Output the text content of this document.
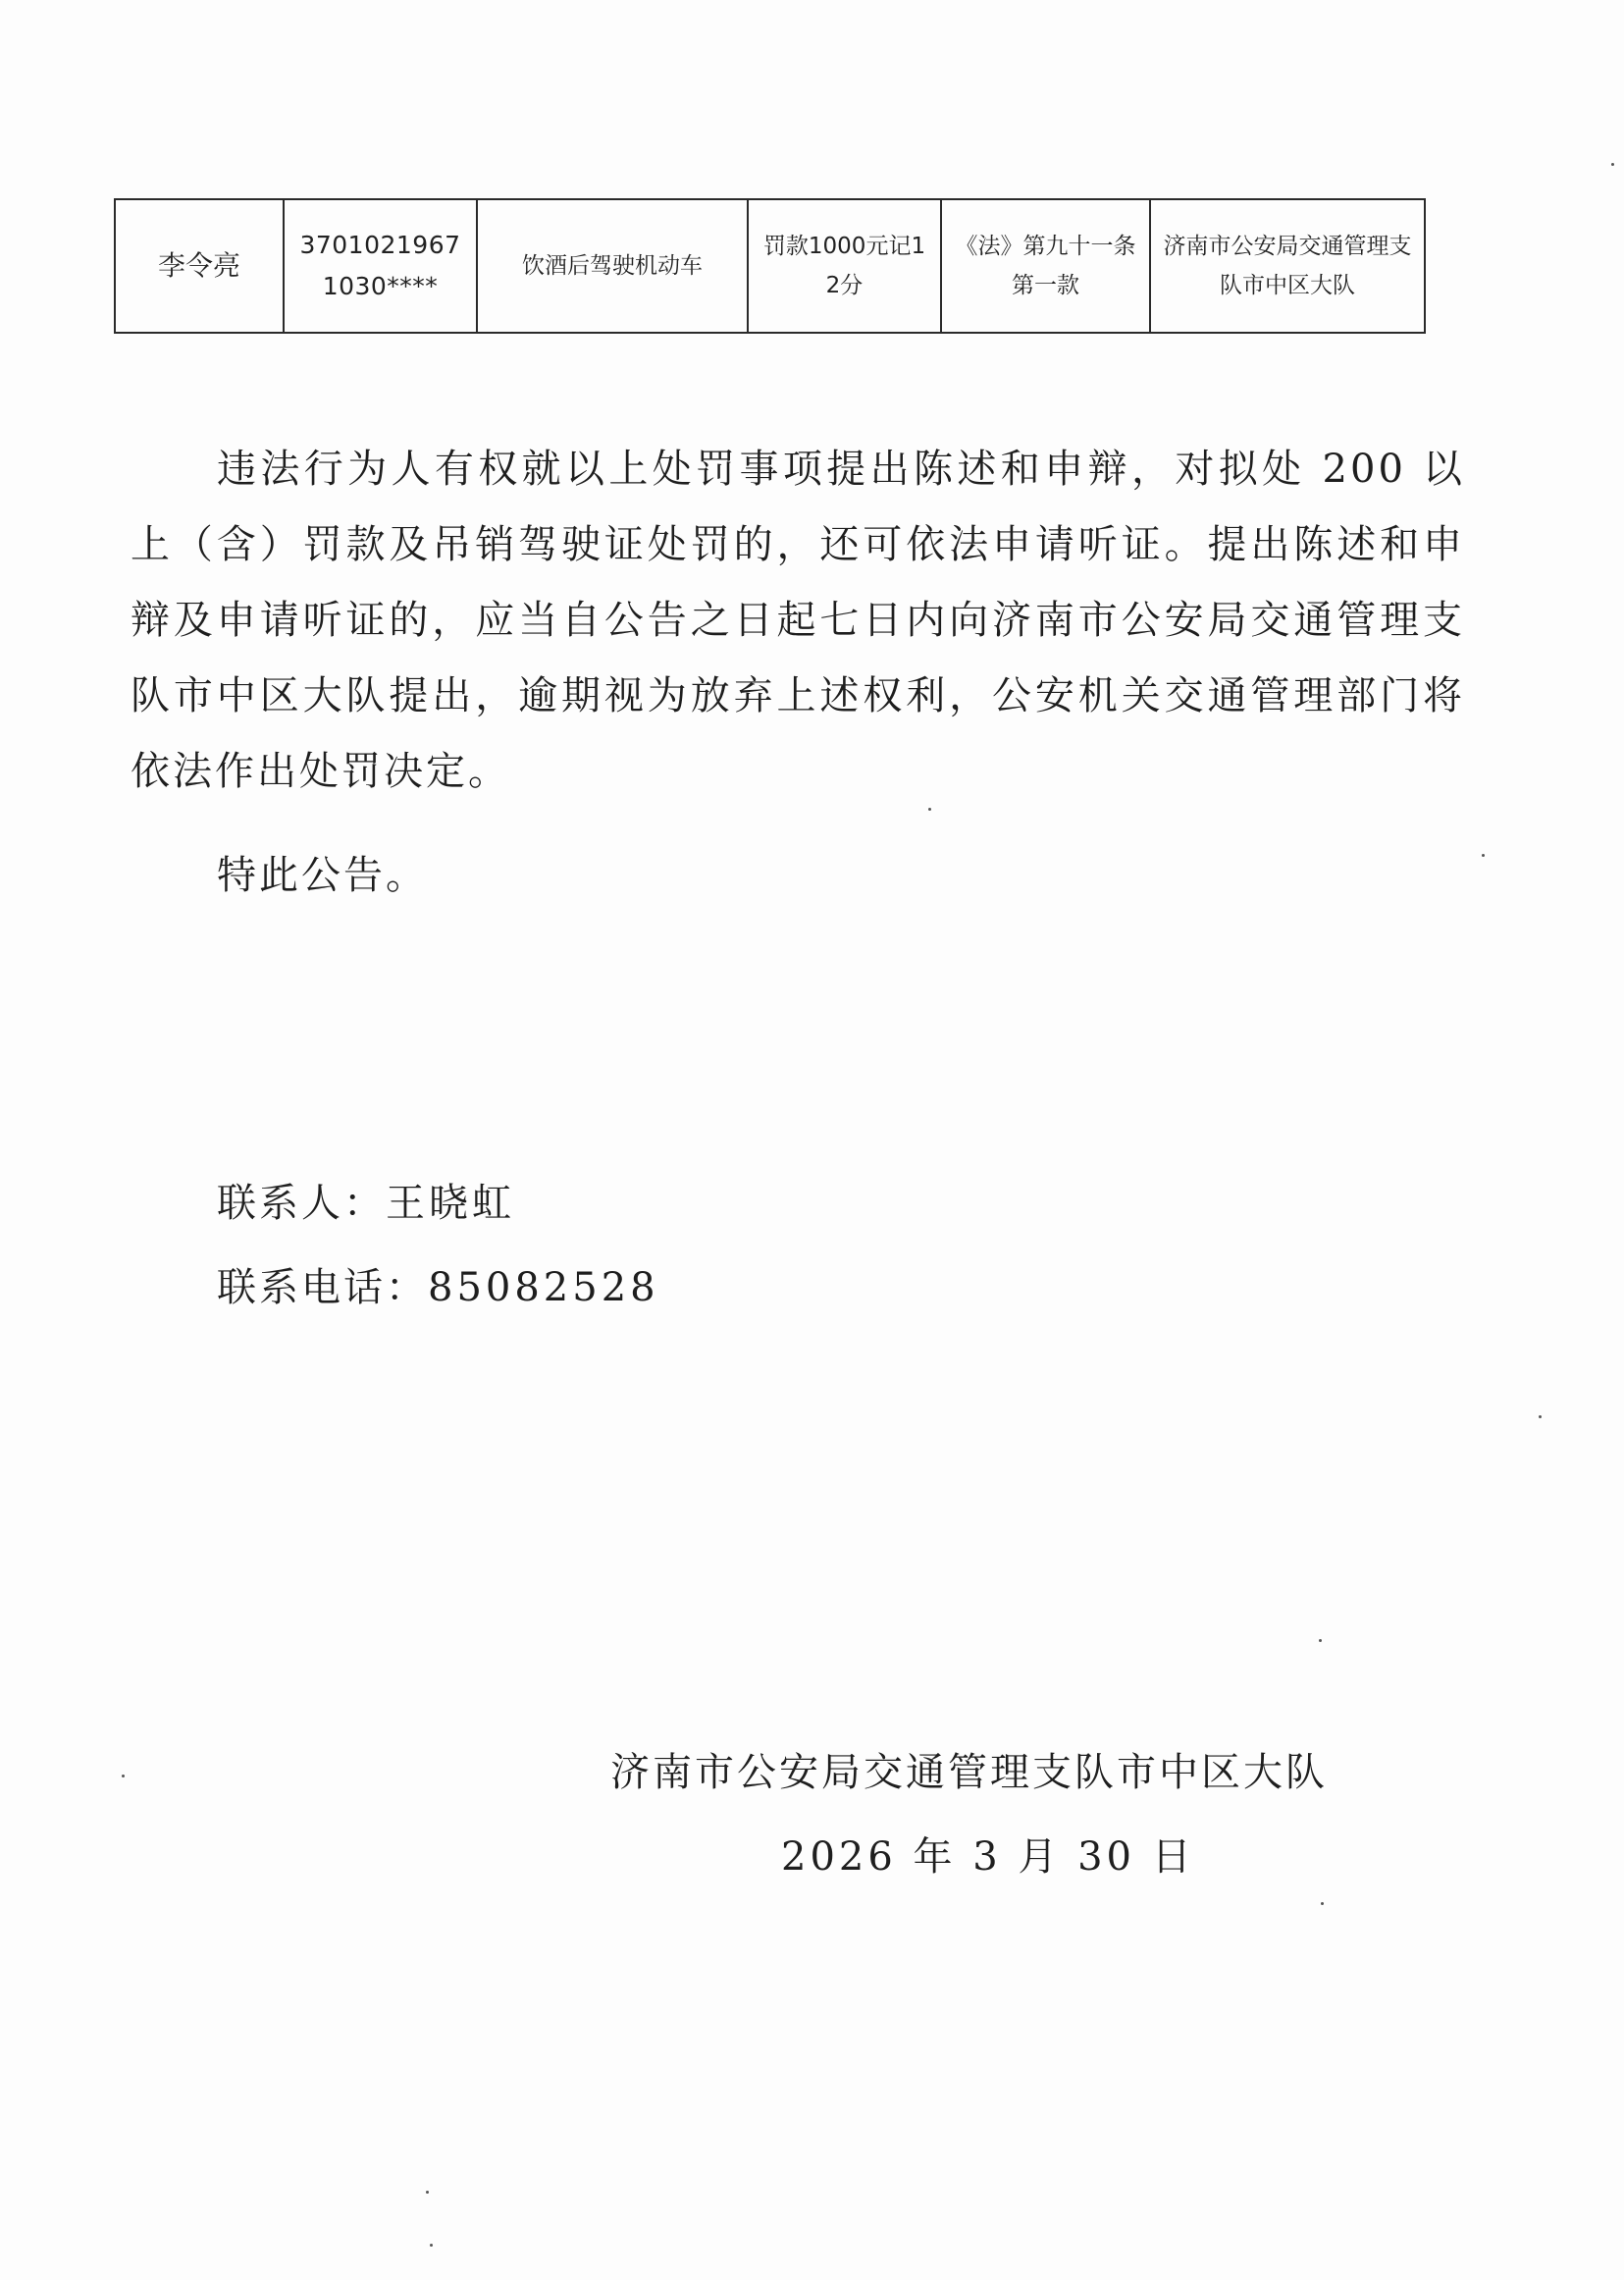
李令亮	37010219671030****	饮酒后驾驶机动车	罚款1000元记12分	《法》第九十一条第一款	济南市公安局交通管理支队市中区大队

违法行为人有权就以上处罚事项提出陈述和申辩，对拟处 200 以上（含）罚款及吊销驾驶证处罚的，还可依法申请听证。提出陈述和申辩及申请听证的，应当自公告之日起七日内向济南市公安局交通管理支队市中区大队提出，逾期视为放弃上述权利，公安机关交通管理部门将依法作出处罚决定。

特此公告。

联系人：王晓虹
联系电话：85082528
济南市公安局交通管理支队市中区大队
2026 年 3 月 30 日
